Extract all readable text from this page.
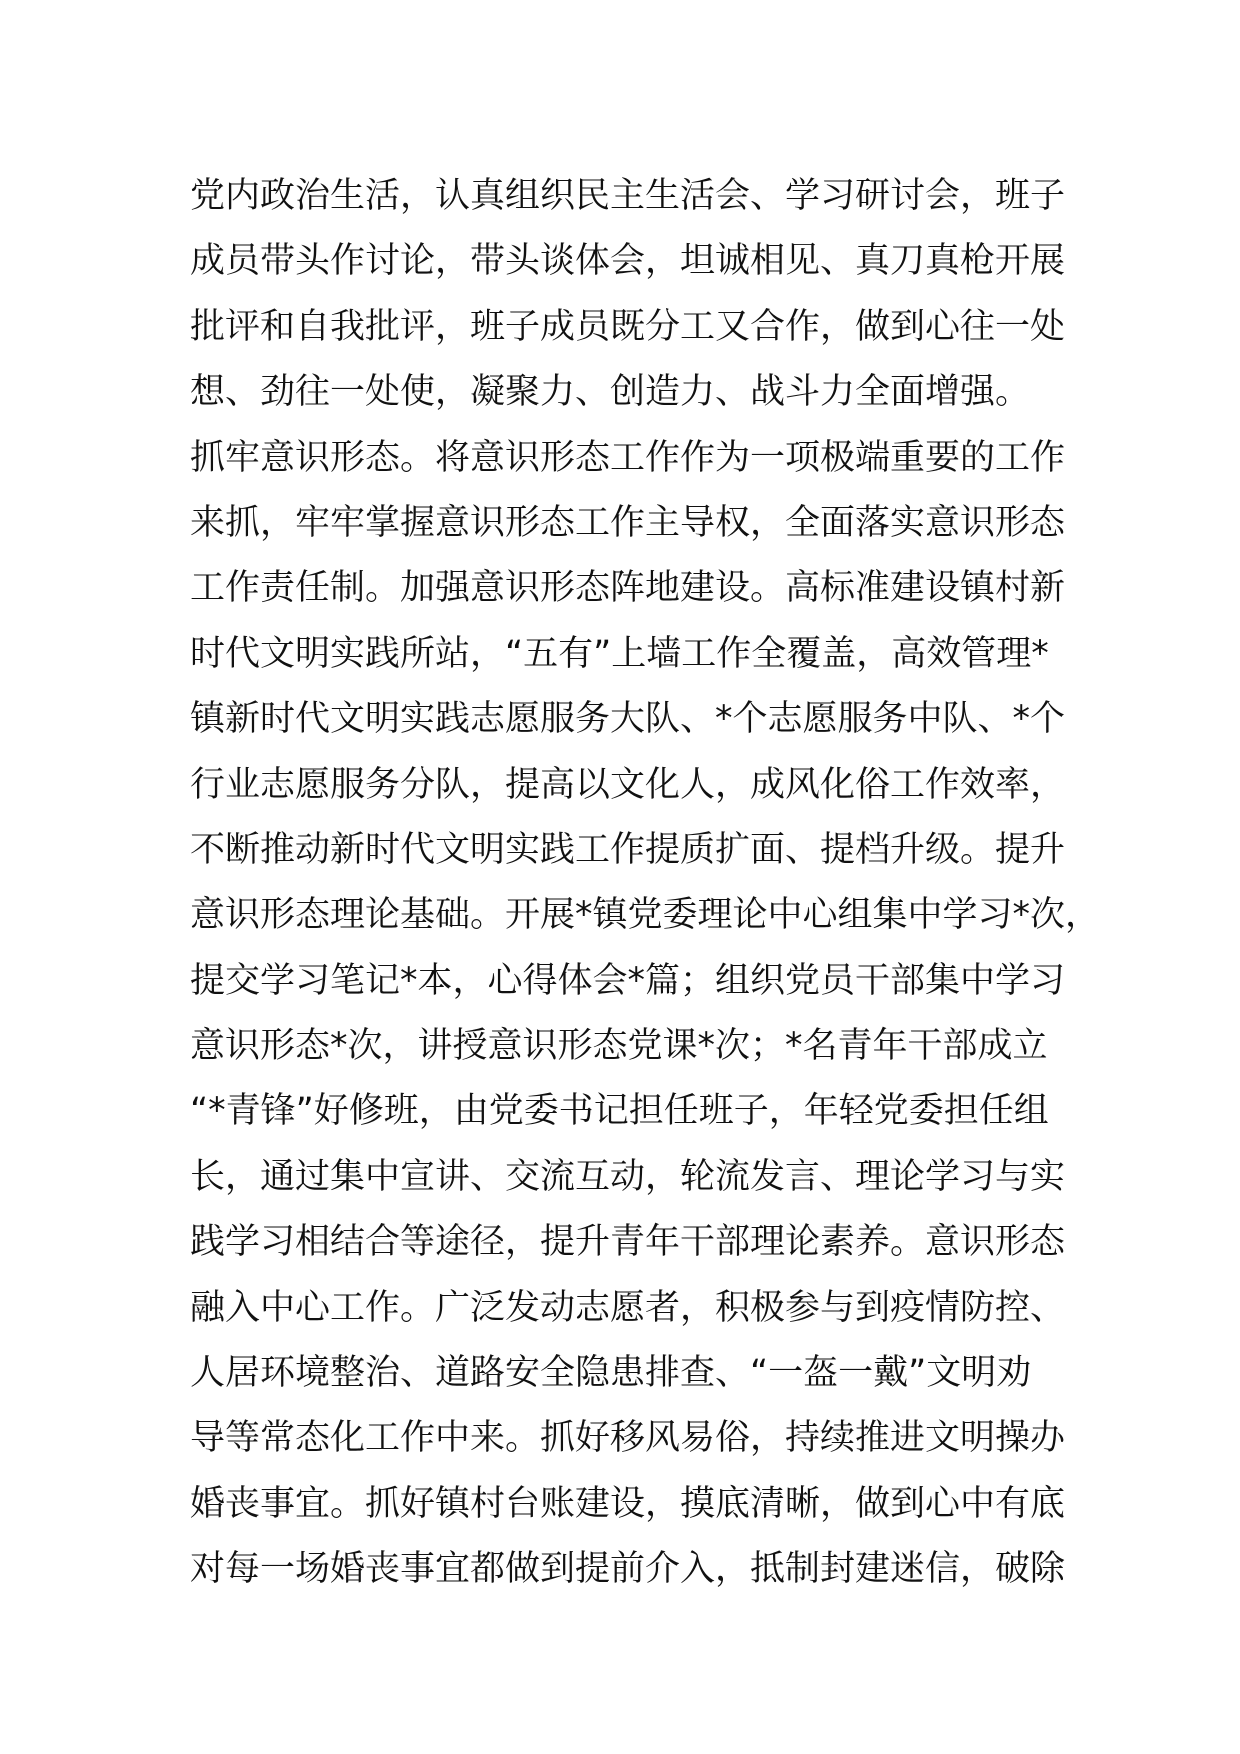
党内政治生活，认真组织民主生活会、学习研讨会，班子
成员带头作讨论，带头谈体会，坦诚相见、真刀真枪开展
批评和自我批评，班子成员既分工又合作，做到心往一处
想、劲往一处使，凝聚力、创造力、战斗力全面增强。
抓牢意识形态。将意识形态工作作为一项极端重要的工作
来抓，牢牢掌握意识形态工作主导权，全面落实意识形态
工作责任制。加强意识形态阵地建设。高标准建设镇村新
时代文明实践所站，“五有”上墙工作全覆盖，高效管理*
镇新时代文明实践志愿服务大队、*个志愿服务中队、*个
行业志愿服务分队，提高以文化人，成风化俗工作效率，
不断推动新时代文明实践工作提质扩面、提档升级。提升
意识形态理论基础。开展*镇党委理论中心组集中学习*次，
提交学习笔记*本，心得体会*篇；组织党员干部集中学习
意识形态*次，讲授意识形态党课*次；*名青年干部成立
“*青锋”好修班，由党委书记担任班子，年轻党委担任组
长，通过集中宣讲、交流互动，轮流发言、理论学习与实
践学习相结合等途径，提升青年干部理论素养。意识形态
融入中心工作。广泛发动志愿者，积极参与到疫情防控、
人居环境整治、道路安全隐患排查、“一盔一戴”文明劝
导等常态化工作中来。抓好移风易俗，持续推进文明操办
婚丧事宜。抓好镇村台账建设，摸底清晰，做到心中有底
对每一场婚丧事宜都做到提前介入，抵制封建迷信，破除
